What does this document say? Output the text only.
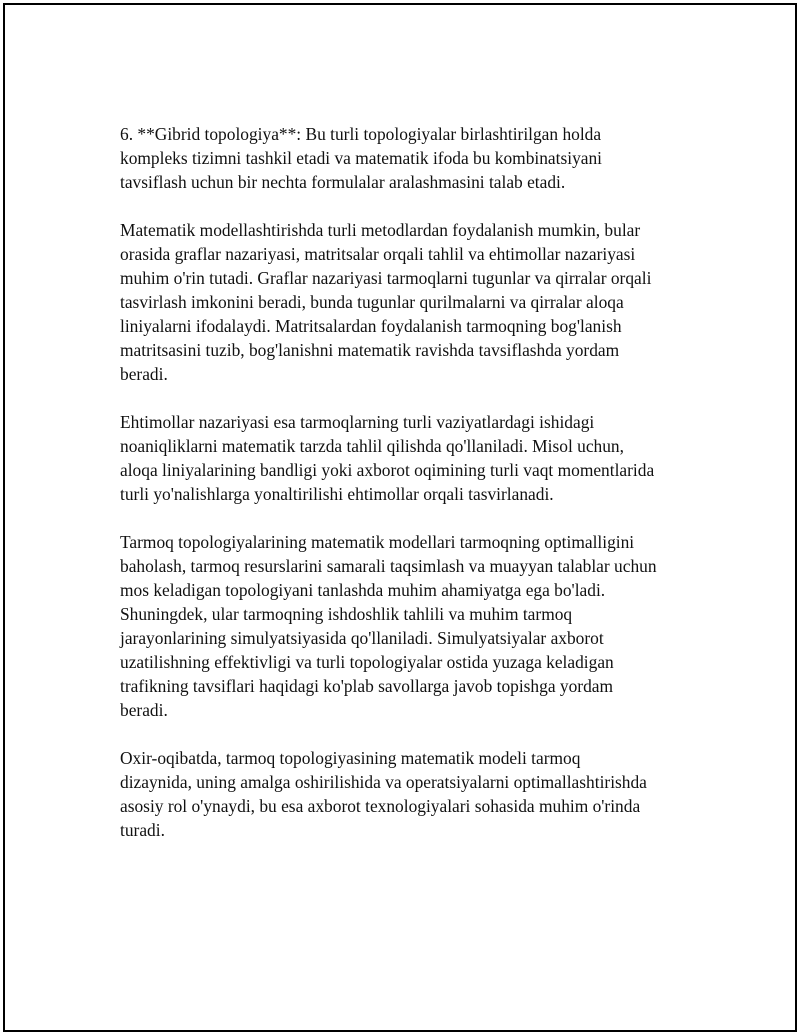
6. **Gibrid topologiya**: Bu turli topologiyalar birlashtirilgan holda
kompleks tizimni tashkil etadi va matematik ifoda bu kombinatsiyani
tavsiflash uchun bir nechta formulalar aralashmasini talab etadi.

Matematik modellashtirishda turli metodlardan foydalanish mumkin, bular
orasida graflar nazariyasi, matritsalar orqali tahlil va ehtimollar nazariyasi
muhim o'rin tutadi. Graflar nazariyasi tarmoqlarni tugunlar va qirralar orqali
tasvirlash imkonini beradi, bunda tugunlar qurilmalarni va qirralar aloqa
liniyalarni ifodalaydi. Matritsalardan foydalanish tarmoqning bog'lanish
matritsasini tuzib, bog'lanishni matematik ravishda tavsiflashda yordam
beradi.

Ehtimollar nazariyasi esa tarmoqlarning turli vaziyatlardagi ishidagi
noaniqliklarni matematik tarzda tahlil qilishda qo'llaniladi. Misol uchun,
aloqa liniyalarining bandligi yoki axborot oqimining turli vaqt momentlarida
turli yo'nalishlarga yonaltirilishi ehtimollar orqali tasvirlanadi.

Tarmoq topologiyalarining matematik modellari tarmoqning optimalligini
baholash, tarmoq resurslarini samarali taqsimlash va muayyan talablar uchun
mos keladigan topologiyani tanlashda muhim ahamiyatga ega bo'ladi.
Shuningdek, ular tarmoqning ishdoshlik tahlili va muhim tarmoq
jarayonlarining simulyatsiyasida qo'llaniladi. Simulyatsiyalar axborot
uzatilishning effektivligi va turli topologiyalar ostida yuzaga keladigan
trafikning tavsiflari haqidagi ko'plab savollarga javob topishga yordam
beradi.

Oxir-oqibatda, tarmoq topologiyasining matematik modeli tarmoq
dizaynida, uning amalga oshirilishida va operatsiyalarni optimallashtirishda
asosiy rol o'ynaydi, bu esa axborot texnologiyalari sohasida muhim o'rinda
turadi.
